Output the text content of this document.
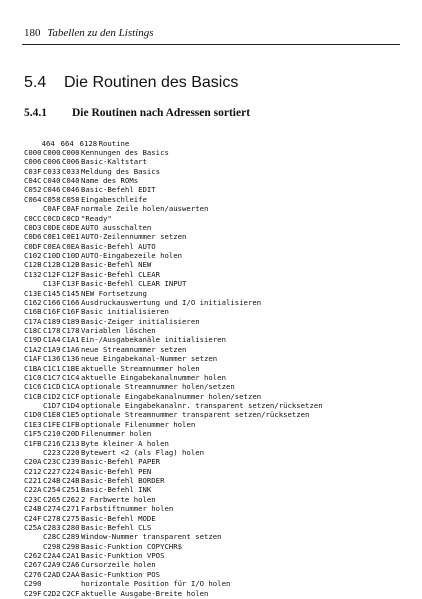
180 Tabellen zu den Listings
5.4 Die Routinen des Basics
5.4.1 Die Routinen nach Adressen sortiert

464 664 6128Routine

C000C000C000Kennungen des Basics
C006C006C006Basic-Kaltstart
C03FC033C033Meldung des Basics
C04CC040C040Name des ROMs
C052C046C046Basic-Befehl EDIT
C064C058C058Eingabeschleife
C0AFC0AFnormale Zeile holen/auswerten
C0CCC0CDC0CD"Ready"
C0D3C0DEC0DEAUTO ausschalten
C0D6C0E1C0E1AUTO-Zeilennummer setzen
C0DFC0EAC0EABasic-Befehl AUTO
C102C10DC10DAUTO-Eingabezeile holen
C12BC12BC12BBasic-Befehl NEW
C132C12FC12FBasic-Befehl CLEAR
C13FC13FBasic-Befehl CLEAR INPUT
C13EC145C145NEW Fortsetzung
C162C166C166Ausdruckauswertung und I/O initialisieren
C16BC16FC16FBasic initialisieren
C17AC189C189Basic-Zeiger initialisieren
C18CC178C178Variablen löschen
C19DC1A4C1A1Ein-/Ausgabekanäle initialisieren
C1A2C1A9C1A6neue Streamnummer setzen
C1AFC136C136neue Eingabekanal-Nummer setzen
C1BAC1C1C1BEaktuelle Streamnummer holen
C1C0C1C7C1C4aktuelle Eingabekanalnummer holen
C1C6C1CDC1CAoptionale Streamnummer holen/setzen
C1CBC1D2C1CFoptionale Eingabekanalnummer holen/setzen
C1D7C1D4optionale Eingabekanalnr. transparent setzen/rücksetzen
C1D0C1E8C1E5optionale Streamnummer transparent setzen/rücksetzen
C1E3C1FEC1FBoptionale Filenummer holen
C1F5C210C20DFilenummer holen
C1FBC216C213Byte kleiner A holen
C223C220Bytewert <2 (als Flag) holen
C20AC23CC239Basic-Befehl PAPER
C212C227C224Basic-Befehl PEN
C221C24BC24BBasic-Befehl BORDER
C22AC254C251Basic-Befehl INK
C23CC265C2622 Farbwerte holen
C24BC274C271Farbstiftnummer holen
C24FC278C275Basic-Befehl MODE
C25AC283C280Basic-Befehl CLS
C28CC289Window-Nummer transparent setzen
C298C298Basic-Funktion COPYCHR$
C262C2A4C2A1Basic-Funktion VPOS
C267C2A9C2A6Cursorzeile holen
C276C2ADC2AABasic-Funktion POS
C290	horizontale Position für I/O holen
C29FC2D2C2CFaktuelle Ausgabe-Breite holen
